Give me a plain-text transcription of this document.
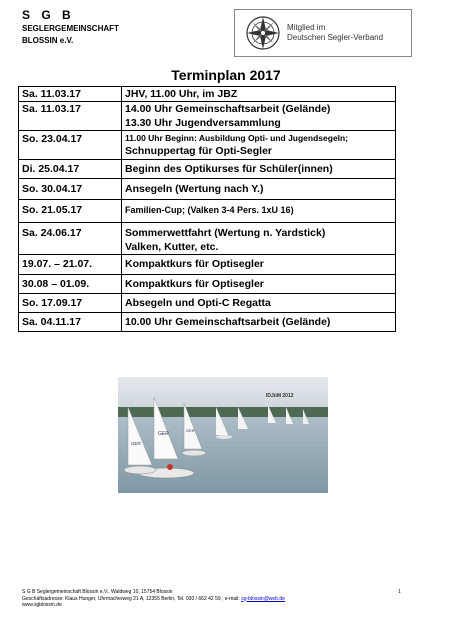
S G B
SEGLERGEMEINSCHAFT
BLOSSIN e.V.
Mitglied im
Deutschen Segler-Verband
Terminplan 2017
Sa. 11.03.17	JHV, 11.00 Uhr, im JBZ
Sa. 11.03.17	14.00 Uhr Gemeinschaftsarbeit (Gelände)
13.30 Uhr Jugendversammlung

So. 23.04.17	11.00 Uhr Beginn: Ausbildung Opti- und Jugendsegeln; Schnuppertag für Opti-Segler
Di. 25.04.17	Beginn des Optikurses für Schüler(innen)
So. 30.04.17	Ansegeln (Wertung nach Y.)
So. 21.05.17	Familien-Cup; (Valken 3-4 Pers. 1xU 16)
Sa. 24.06.17	Sommerwettfahrt (Wertung n. Yardstick)
Valken, Kutter, etc.

19.07. – 21.07.	Kompaktkurs für Optisegler
30.08 – 01.09.	Kompaktkurs für Optisegler
So. 17.09.17	Absegeln und Opti-C Regatta
Sa. 04.11.17	10.00 Uhr Gemeinschaftsarbeit (Gelände)
IDJüM 2012
GER
GER
GER
S G B Seglergemeinschaft Blossin e.V., Waldweg 10, 15754 Blossin
Geschäftsadresse: Klaus Hunger, Uhrmacherweg 21 A, 12355 Berlin, Tel. 030 / 662 42 59 ; e-mail: sg-blossin@web.de
www.sgblossin.de
1
